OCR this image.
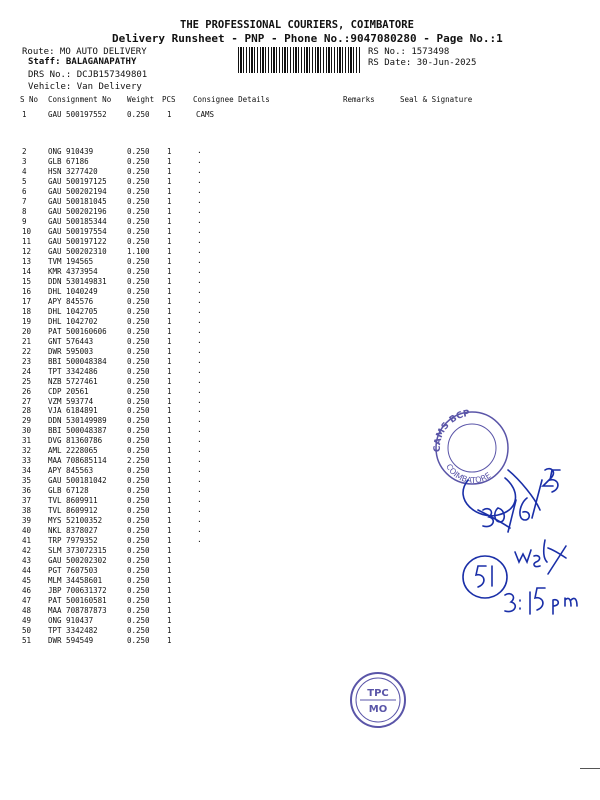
THE PROFESSIONAL COURIERS, COIMBATORE
Delivery Runsheet - PNP - Phone No.:9047080280 - Page No.:1
Route: MO AUTO DELIVERY
Staff: BALAGANAPATHY
DRS No.: DCJB157349801
Vehicle: Van Delivery
RS No.: 1573498
RS Date: 30-Jun-2025
S No Consignment No Weight PCS Consignee Details	Remarks	Seal & Signature
1	GAU 500197552	0.250 1	CAMS
2	ONG 910439	0.250 1	.
3	GLB 67186	0.250 1	.
4	HSN 3277420	0.250 1	.
5	GAU 500197125	0.250 1	.
6	GAU 500202194	0.250 1	.
7	GAU 500181045	0.250 1	.
8	GAU 500202196	0.250 1	.
9	GAU 500185344	0.250 1	.
10 GAU 500197554	0.250 1	.
11 GAU 500197122	0.250 1	.
12 GAU 500202310	1.100 1	.
13 TVM 194565	0.250 1	.
14 KMR 4373954	0.250 1	.
15 DDN 530149831	0.250 1	.
16 DHL 1040249	0.250 1	.
17 APY 845576	0.250 1	.
18 DHL 1042705	0.250 1	.
19 DHL 1042702	0.250 1	.
20 PAT 500160606	0.250 1	.
21 GNT 576443	0.250 1	.
22 DWR 595003	0.250 1	.
23 BBI 500048384	0.250 1	.
24 TPT 3342486	0.250 1	.
25 NZB 5727461	0.250 1	.
26 CDP 20561	0.250 1	.
27 VZM 593774	0.250 1	.
28 VJA 6184891	0.250 1	.
29 DDN 530149989	0.250 1	.
30 BBI 500048387	0.250 1	.
31 DVG 81360786	0.250 1	.
32 AML 2228065	0.250 1	.
33 MAA 708685114	2.250 1	.
34 APY 845563	0.250 1	.
35 GAU 500181042	0.250 1	.
36 GLB 67128	0.250 1	.
37 TVL 8609911	0.250 1	.
38 TVL 8609912	0.250 1	.
39 MYS 52100352	0.250 1	.
40 NKL 8378027	0.250 1	.
41 TRP 7979352	0.250 1	.
42 SLM 373072315	0.250 1
43 GAU 500202302	0.250 1
44 PGT 7607503	0.250 1
45 MLM 34458601	0.250 1
46 JBP 700631372	0.250 1
47 PAT 500160581	0.250 1
48 MAA 708787873	0.250 1
49 ONG 910437	0.250 1
50 TPT 3342482	0.250 1
51 DWR 594549	0.250 1
CAMS BCP
COIMBATORE
TPC
MO
